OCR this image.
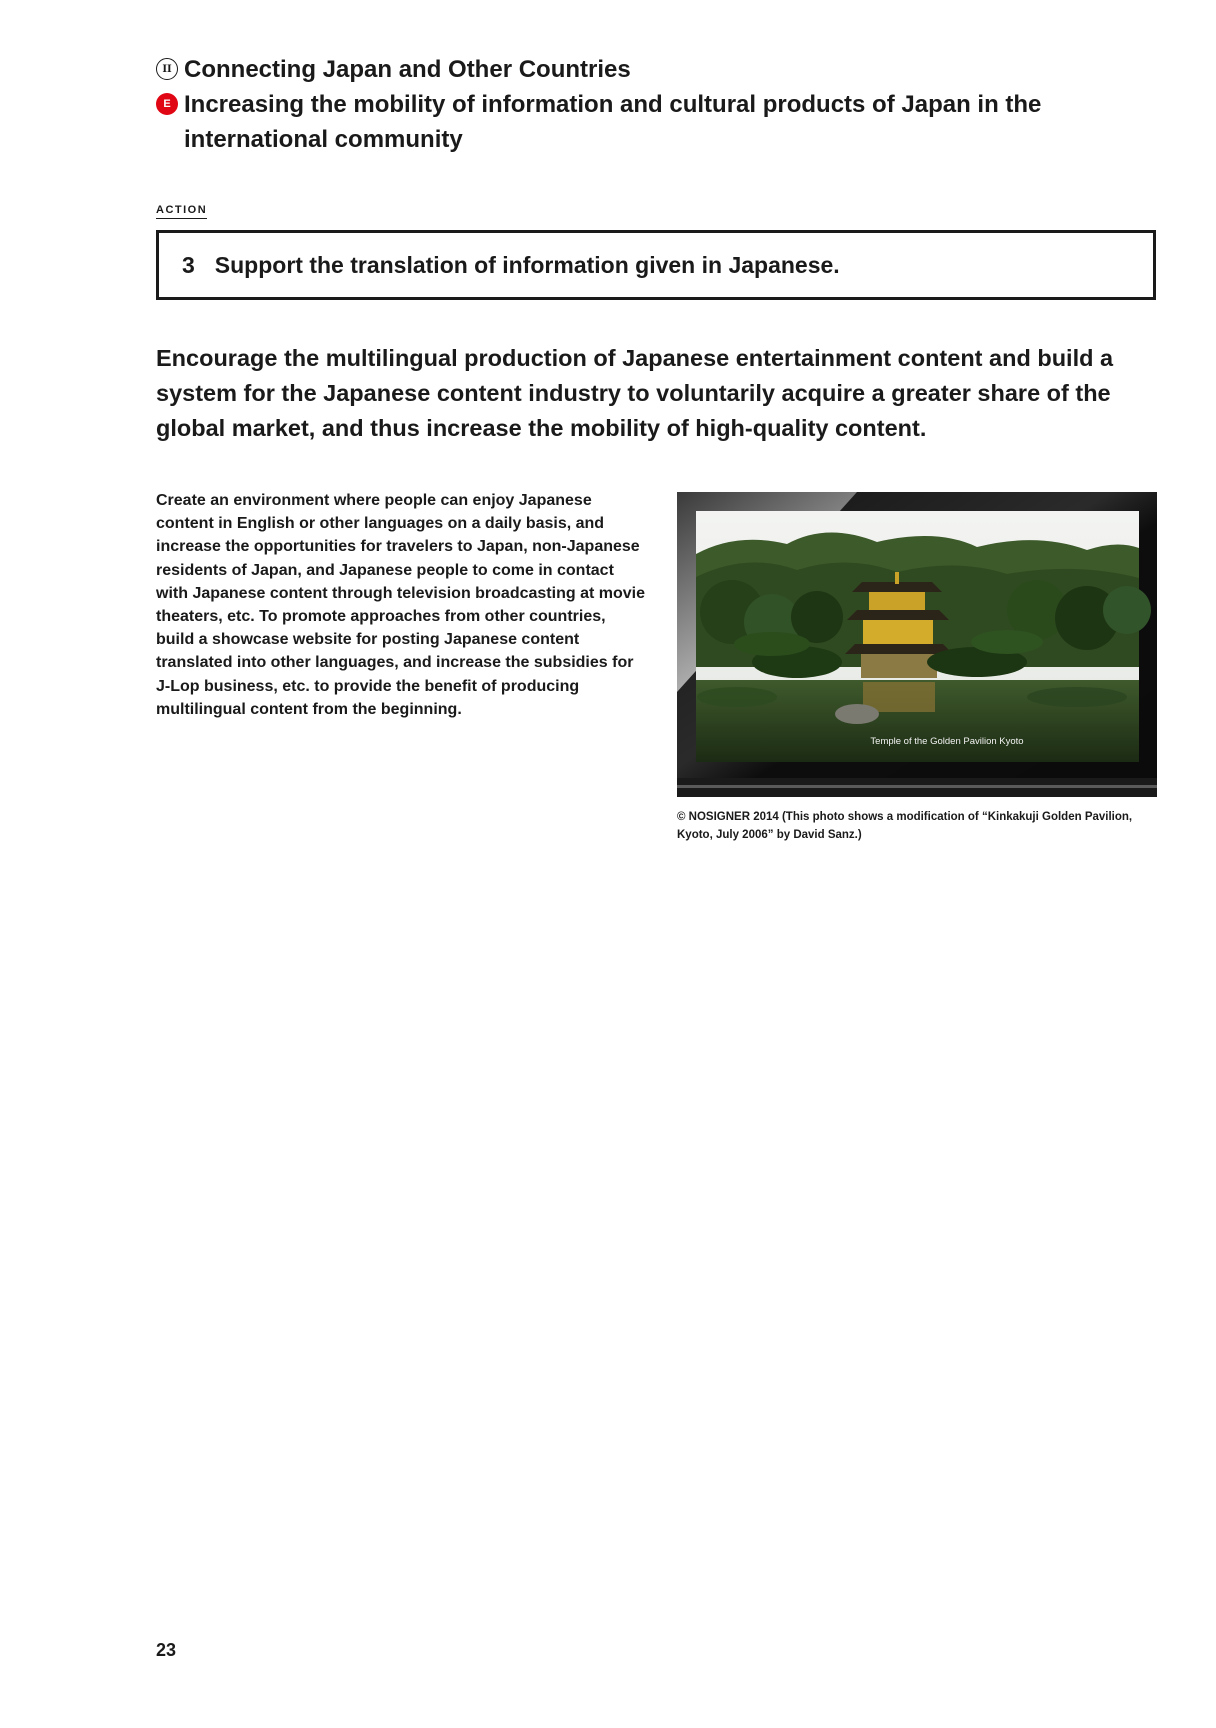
II Connecting Japan and Other Countries
E Increasing the mobility of information and cultural products of Japan in the international community
ACTION
3 Support the translation of information given in Japanese.
Encourage the multilingual production of Japanese entertainment content and build a system for the Japanese content industry to voluntarily acquire a greater share of the global market, and thus increase the mobility of high-quality content.
Create an environment where people can enjoy Japanese content in English or other languages on a daily basis, and increase the opportunities for travelers to Japan, non-Japanese residents of Japan, and Japanese people to come in contact with Japanese content through television broadcasting at movie theaters, etc. To promote approaches from other countries, build a showcase website for posting Japanese content translated into other languages, and increase the subsidies for J-Lop business, etc. to provide the benefit of producing multilingual content from the beginning.
Temple of the Golden Pavilion Kyoto
© NOSIGNER 2014 (This photo shows a modification of “Kinkakuji Golden Pavilion, Kyoto, July 2006” by David Sanz.)
23
